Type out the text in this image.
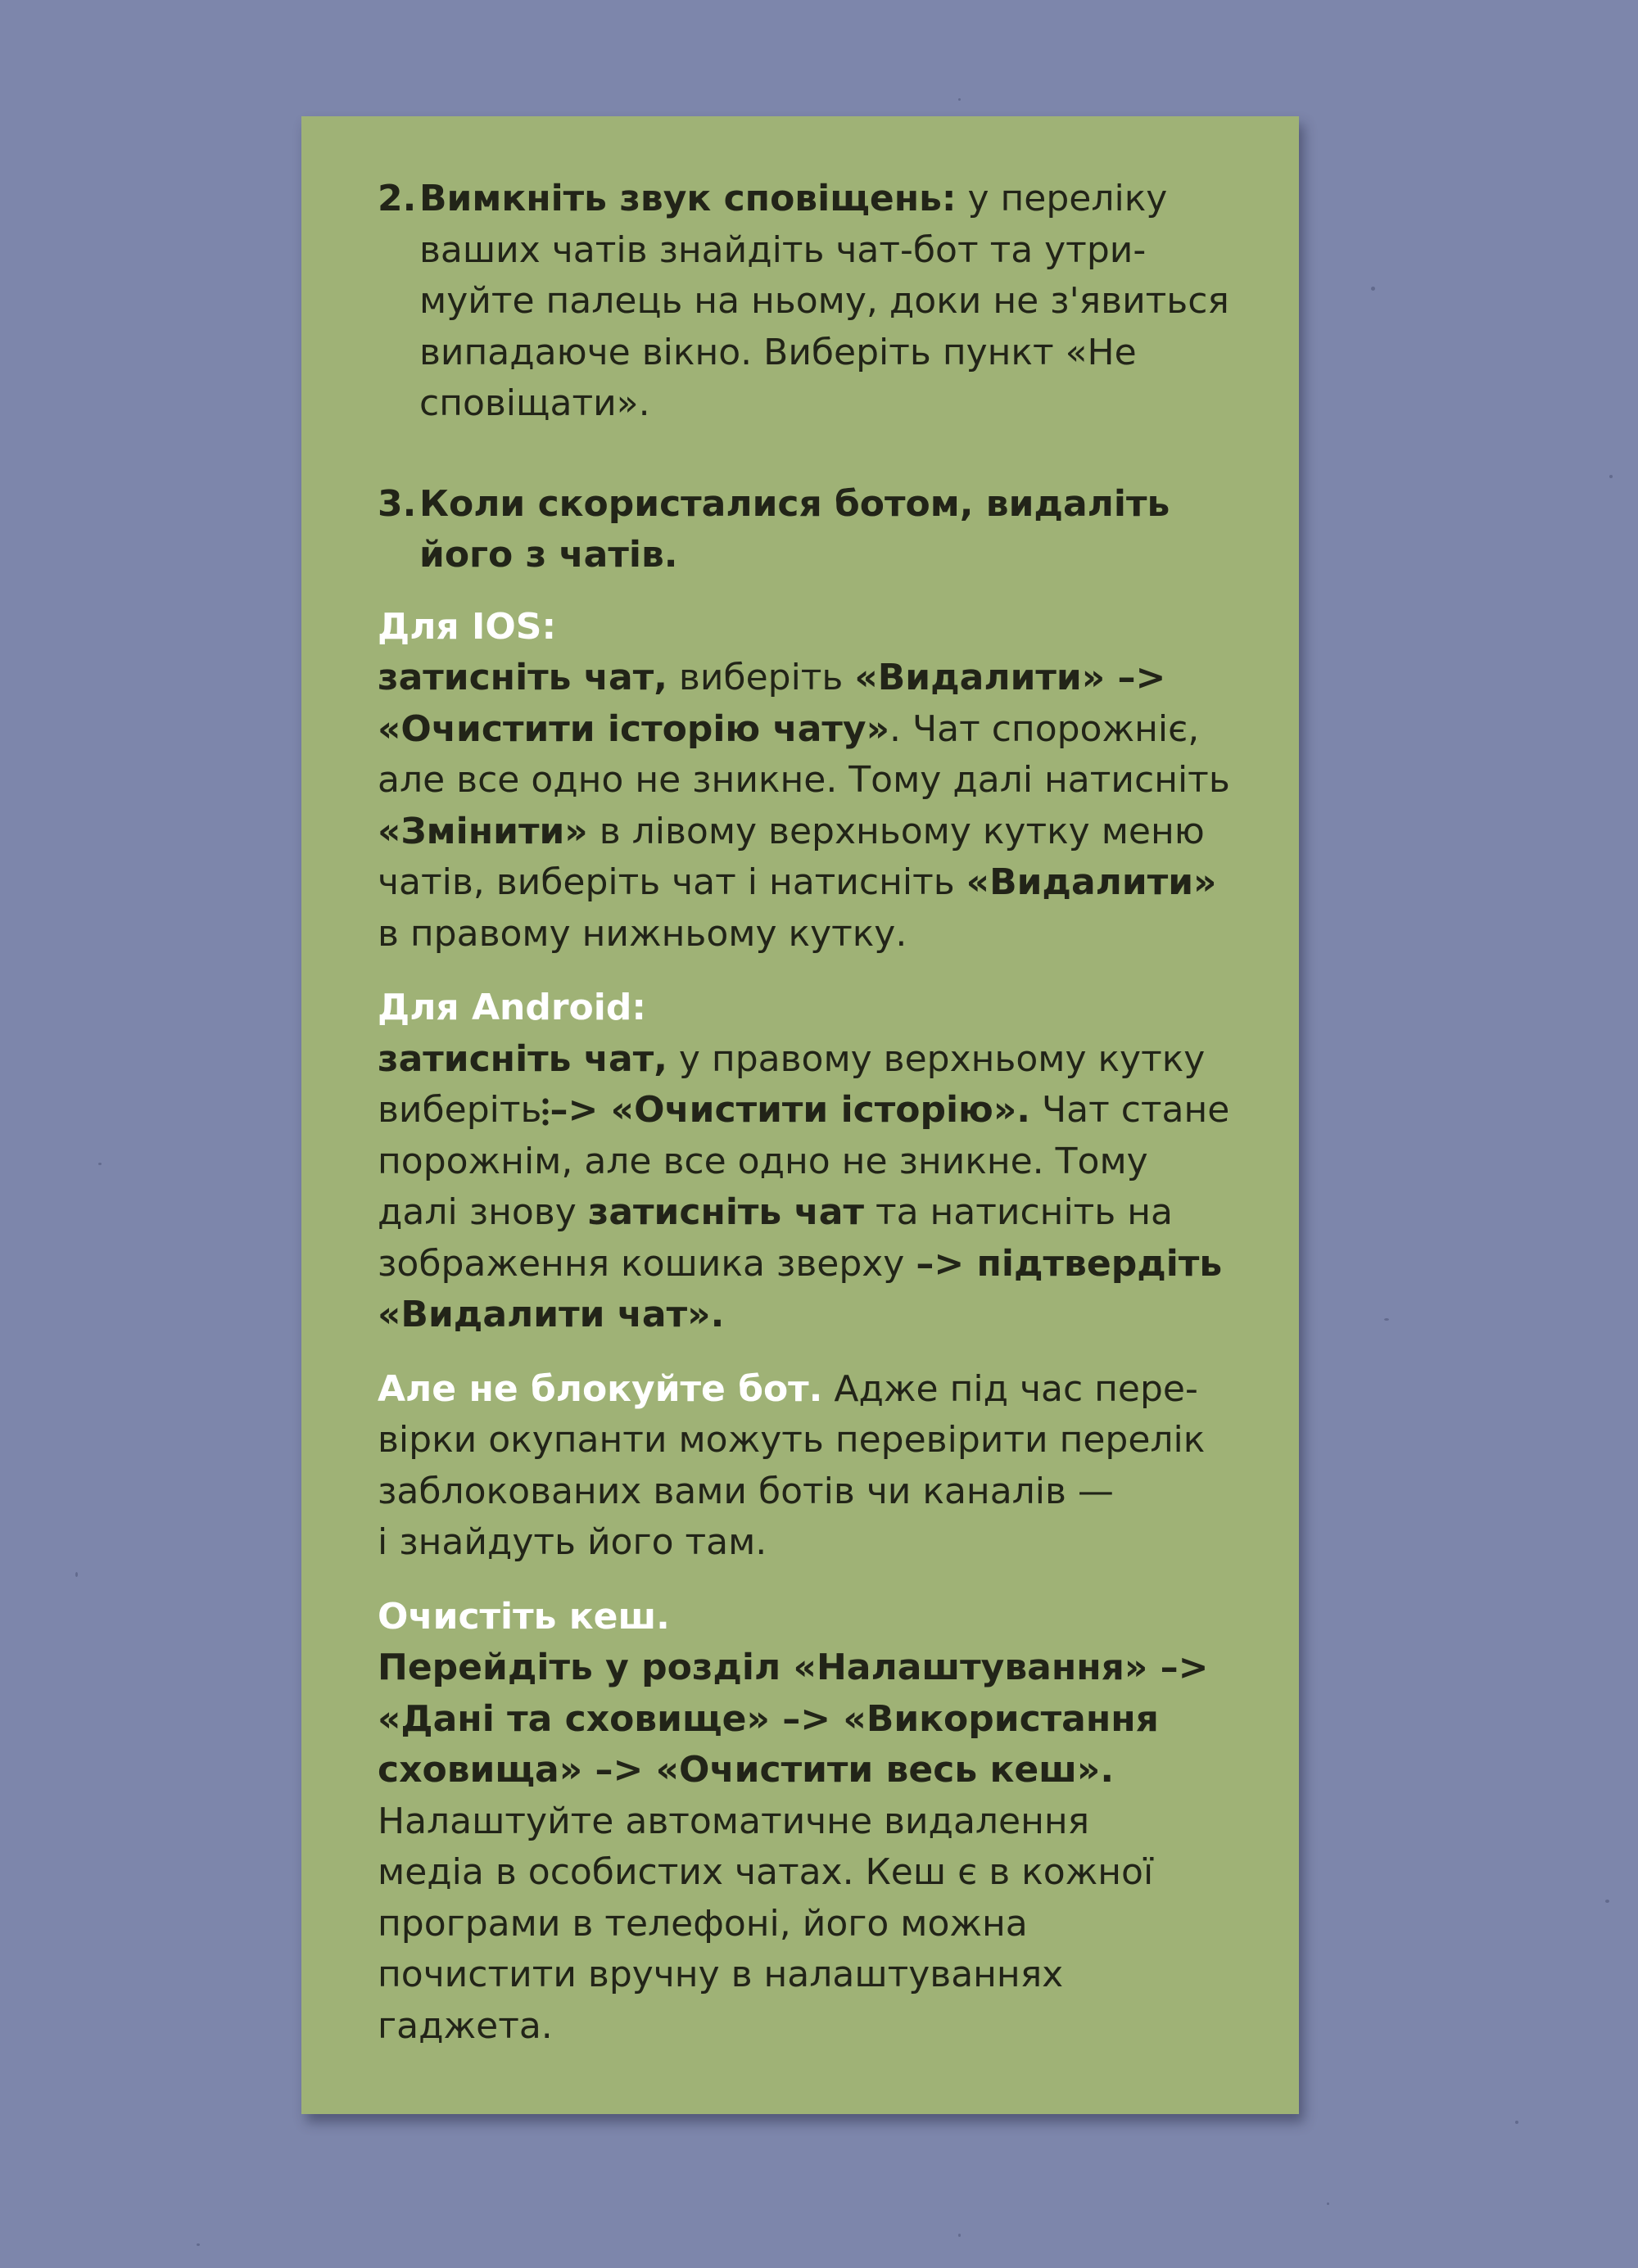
2. Вимкніть звук сповіщень: у переліку
ваших чатів знайдіть чат-бот та утри-
муйте палець на ньому, доки не з'явиться
випадаюче вікно. Виберіть пункт «Не
сповіщати».
3. Коли скористалися ботом, видаліть
його з чатів.
Для IOS:
затисніть чат, виберіть «Видалити» –>
«Очистити історію чату». Чат спорожніє,
але все одно не зникне. Тому далі натисніть
«Змінити» в лівому верхньому кутку меню
чатів, виберіть чат і натисніть «Видалити»
в правому нижньому кутку.
Для Android:
затисніть чат, у правому верхньому кутку
виберіть –> «Очистити історію». Чат стане
порожнім, але все одно не зникне. Тому
далі знову затисніть чат та натисніть на
зображення кошика зверху –> підтвердіть
«Видалити чат».
Але не блокуйте бот. Адже під час пере-
вірки окупанти можуть перевірити перелік
заблокованих вами ботів чи каналів —
і знайдуть його там.
Очистіть кеш.
Перейдіть у розділ «Налаштування» –>
«Дані та сховище» –> «Використання
сховища» –> «Очистити весь кеш».
Налаштуйте автоматичне видалення
медіа в особистих чатах. Кеш є в кожної
програми в телефоні, його можна
почистити вручну в налаштуваннях
гаджета.
